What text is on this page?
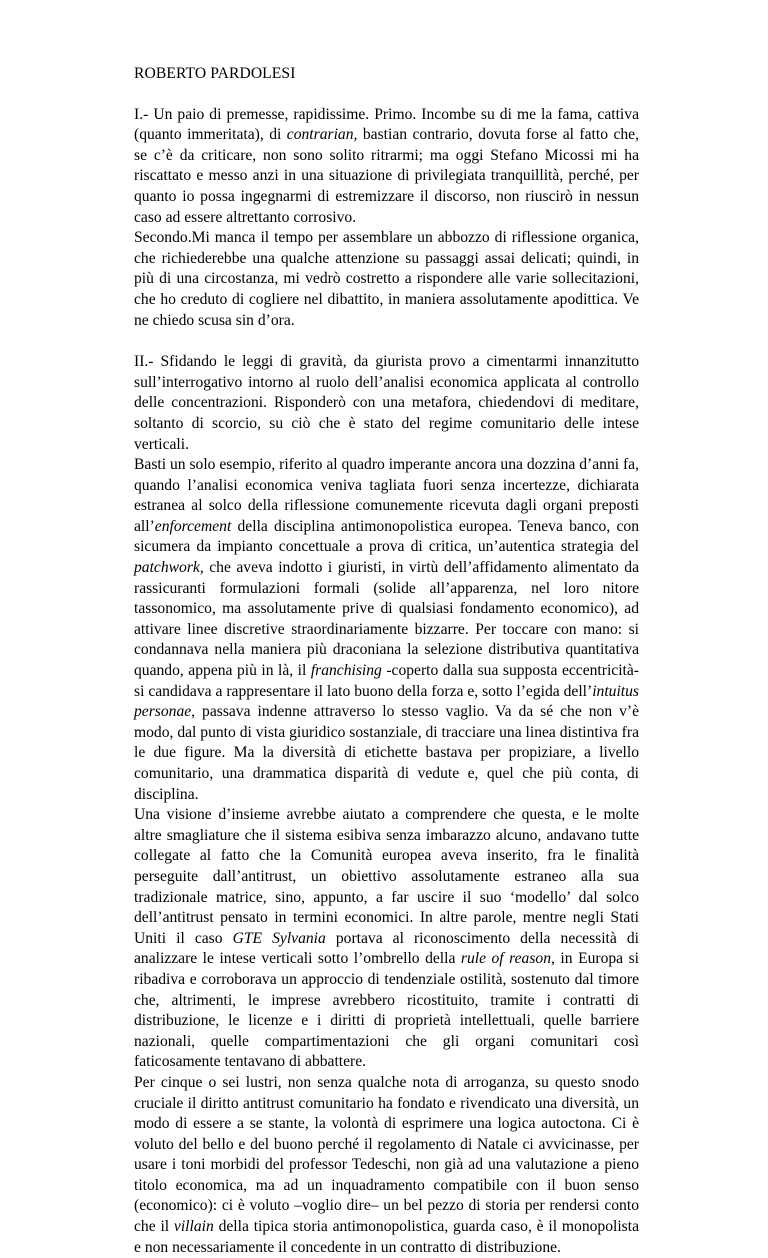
ROBERTO PARDOLESI

I.- Un paio di premesse, rapidissime. Primo. Incombe su di me la fama, cattiva (quanto immeritata), di contrarian, bastian contrario, dovuta forse al fatto che, se c’è da criticare, non sono solito ritrarmi; ma oggi Stefano Micossi mi ha riscattato e messo anzi in una situazione di privilegiata tranquillità, perché, per quanto io possa ingegnarmi di estremizzare il discorso, non riuscirò in nessun caso ad essere altrettanto corrosivo.

Secondo.Mi manca il tempo per assemblare un abbozzo di riflessione organica, che richiederebbe una qualche attenzione su passaggi assai delicati; quindi, in più di una circostanza, mi vedrò costretto a rispondere alle varie sollecitazioni, che ho creduto di cogliere nel dibattito, in maniera assolutamente apodittica. Ve ne chiedo scusa sin d’ora.

II.- Sfidando le leggi di gravità, da giurista provo a cimentarmi innanzitutto sull’interrogativo intorno al ruolo dell’analisi economica applicata al controllo delle concentrazioni. Risponderò con una metafora, chiedendovi di meditare, soltanto di scorcio, su ciò che è stato del regime comunitario delle intese verticali.

Basti un solo esempio, riferito al quadro imperante ancora una dozzina d’anni fa, quando l’analisi economica veniva tagliata fuori senza incertezze, dichiarata estranea al solco della riflessione comunemente ricevuta dagli organi preposti all’enforcement della disciplina antimonopolistica europea. Teneva banco, con sicumera da impianto concettuale a prova di critica, un’autentica strategia del patchwork, che aveva indotto i giuristi, in virtù dell’affidamento alimentato da rassicuranti formulazioni formali (solide all’apparenza, nel loro nitore tassonomico, ma assolutamente prive di qualsiasi fondamento economico), ad attivare linee discretive straordinariamente bizzarre. Per toccare con mano: si condannava nella maniera più draconiana la selezione distributiva quantitativa quando, appena più in là, il franchising -coperto dalla sua supposta eccentricità- si candidava a rappresentare il lato buono della forza e, sotto l’egida dell’intuitus personae, passava indenne attraverso lo stesso vaglio. Va da sé che non v’è modo, dal punto di vista giuridico sostanziale, di tracciare una linea distintiva fra le due figure. Ma la diversità di etichette bastava per propiziare, a livello comunitario, una drammatica disparità di vedute e, quel che più conta, di disciplina.

Una visione d’insieme avrebbe aiutato a comprendere che questa, e le molte altre smagliature che il sistema esibiva senza imbarazzo alcuno, andavano tutte collegate al fatto che la Comunità europea aveva inserito, fra le finalità perseguite dall’antitrust, un obiettivo assolutamente estraneo alla sua tradizionale matrice, sino, appunto, a far uscire il suo ‘modello’ dal solco dell’antitrust pensato in termini economici. In altre parole, mentre negli Stati Uniti il caso GTE Sylvania portava al riconoscimento della necessità di analizzare le intese verticali sotto l’ombrello della rule of reason, in Europa si ribadiva e corroborava un approccio di tendenziale ostilità, sostenuto dal timore che, altrimenti, le imprese avrebbero ricostituito, tramite i contratti di distribuzione, le licenze e i diritti di proprietà intellettuali, quelle barriere nazionali, quelle compartimentazioni che gli organi comunitari così faticosamente tentavano di abbattere.

Per cinque o sei lustri, non senza qualche nota di arroganza, su questo snodo cruciale il diritto antitrust comunitario ha fondato e rivendicato una diversità, un modo di essere a se stante, la volontà di esprimere una logica autoctona. Ci è voluto del bello e del buono perché il regolamento di Natale ci avvicinasse, per usare i toni morbidi del professor Tedeschi, non già ad una valutazione a pieno titolo economica, ma ad un inquadramento compatibile con il buon senso (economico): ci è voluto –voglio dire– un bel pezzo di storia per rendersi conto che il villain della tipica storia antimonopolistica, guarda caso, è il monopolista e non necessariamente il concedente in un contratto di distribuzione.
